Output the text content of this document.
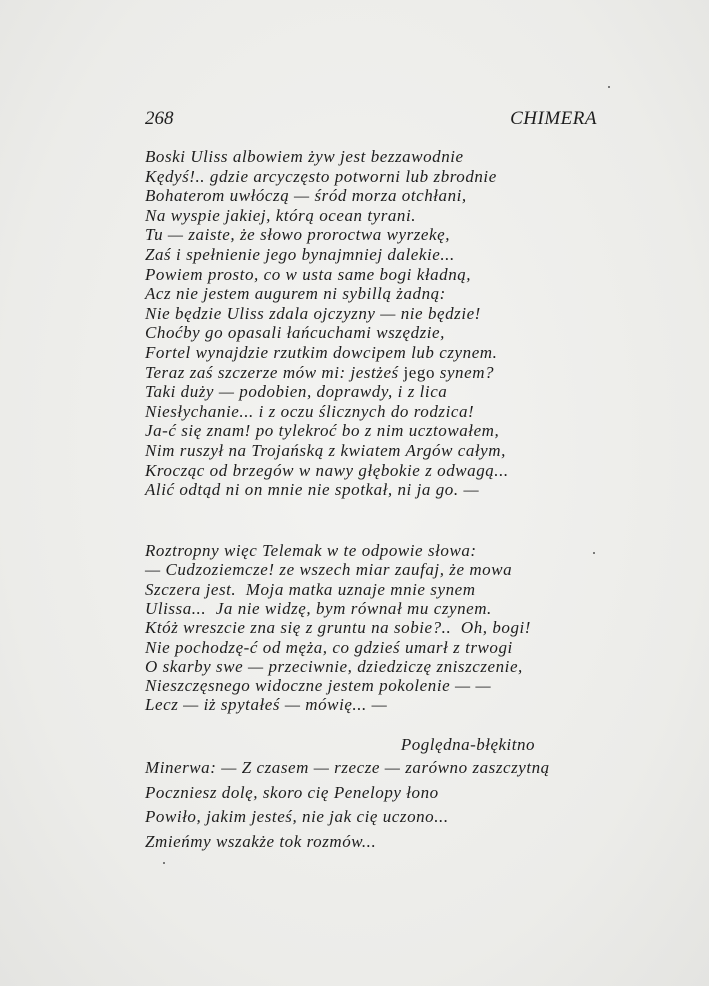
268	CHIMERA
Boski Uliss albowiem żyw jest bezzawodnie
Kędyś!.. gdzie arcyczęsto potworni lub zbrodnie
Bohaterom uwłóczą — śród morza otchłani,
Na wyspie jakiej, którą ocean tyrani.
Tu — zaiste, że słowo proroctwa wyrzekę,
Zaś i spełnienie jego bynajmniej dalekie...
Powiem prosto, co w usta same bogi kładną,
Acz nie jestem augurem ni sybillą żadną:
Nie będzie Uliss zdala ojczyzny — nie będzie!
Choćby go opasali łańcuchami wszędzie,
Fortel wynajdzie rzutkim dowcipem lub czynem.
Teraz zaś szczerze mów mi: jestżeś jego synem?
Taki duży — podobien, doprawdy, i z lica
Niesłychanie... i z oczu ślicznych do rodzica!
Ja-ć się znam! po tylekroć bo z nim ucztowałem,
Nim ruszył na Trojańską z kwiatem Argów całym,
Krocząc od brzegów w nawy głębokie z odwagą...
Alić odtąd ni on mnie nie spotkał, ni ja go. —
Roztropny więc Telemak w te odpowie słowa:
— Cudzoziemcze! ze wszech miar zaufaj, że mowa
Szczera jest.  Moja matka uznaje mnie synem
Ulissa...  Ja nie widzę, bym równał mu czynem.
Któż wreszcie zna się z gruntu na sobie?..  Oh, bogi!
Nie pochodzę-ć od męża, co gdzieś umarł z trwogi
O skarby swe — przeciwnie, dziedziczę zniszczenie,
Nieszczęsnego widoczne jestem pokolenie — —
Lecz — iż spytałeś — mówię... —
Minerwa: — Z czasem — rzecze — zarówno zaszczytną
Poczniesz dolę, skoro cię Penelopy łono
Powiło, jakim jesteś, nie jak cię uczono...
Zmieńmy wszakże tok rozmów...
Poględna-błękitno
